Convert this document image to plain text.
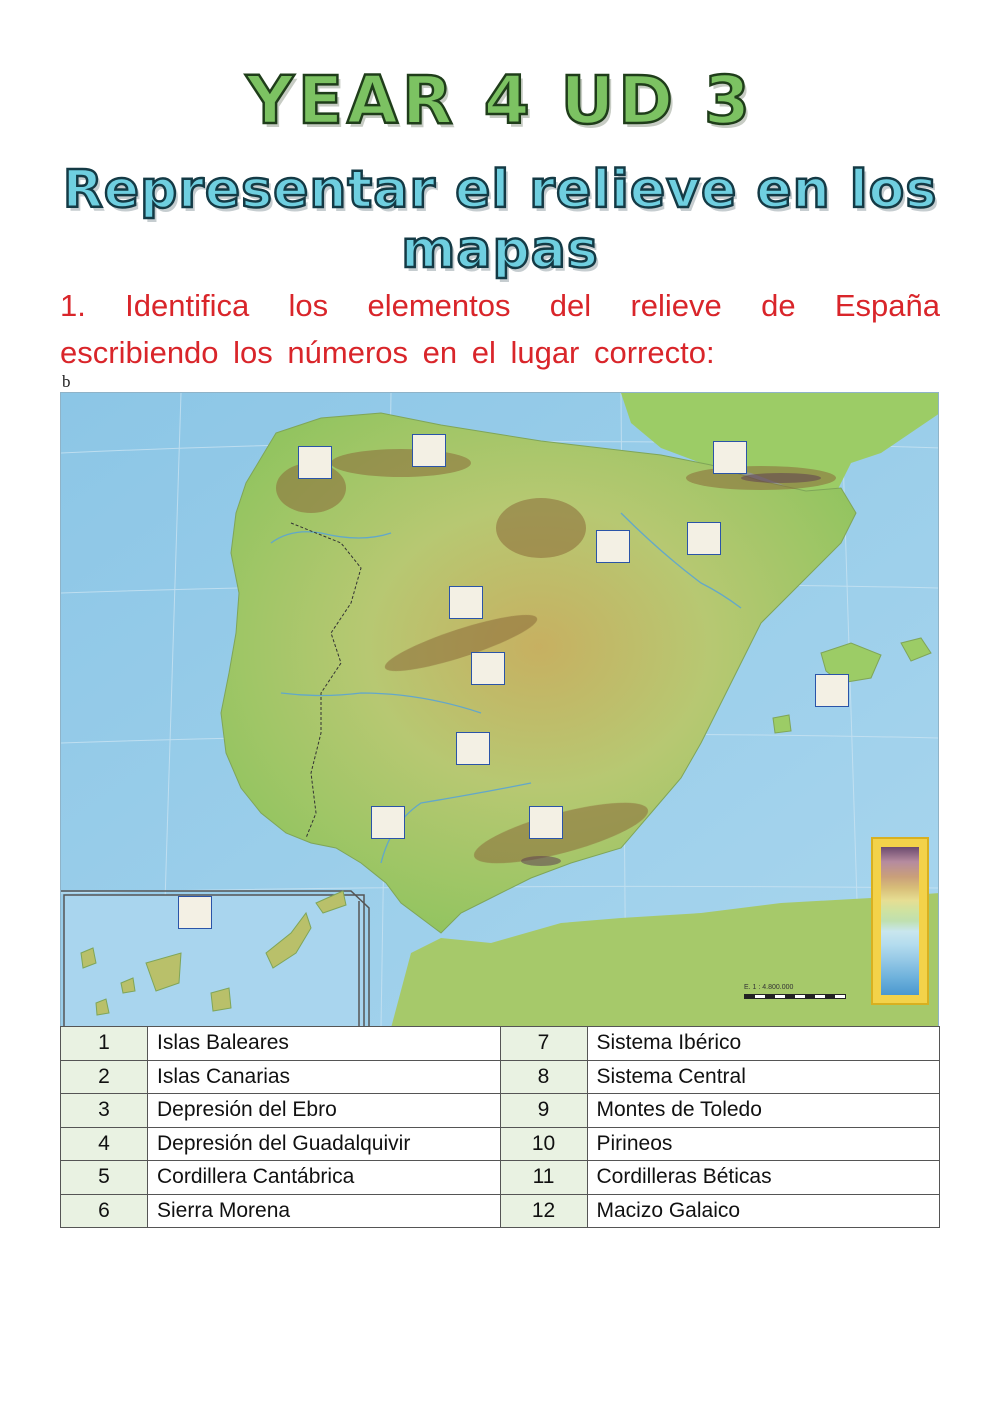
YEAR 4 UD 3
Representar el relieve en los mapas
1. Identifica los elementos del relieve de España escribiendo los números en el lugar correcto:
b
E. 1 : 4.800.000
1	Islas Baleares	7	Sistema Ibérico
2	Islas Canarias	8	Sistema Central
3	Depresión del Ebro	9	Montes de Toledo
4	Depresión del Guadalquivir	10	Pirineos
5	Cordillera Cantábrica	11	Cordilleras Béticas
6	Sierra Morena	12	Macizo Galaico
